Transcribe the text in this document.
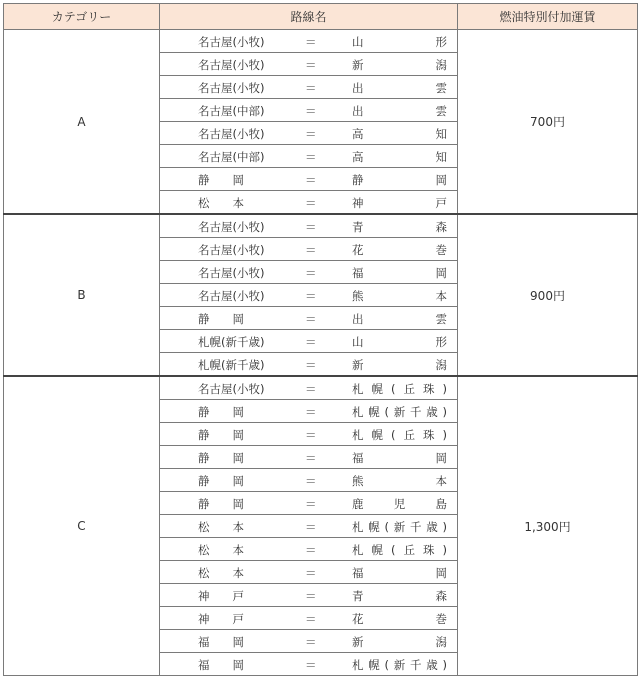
カテゴリー	路線名	燃油特別付加運賃
A	名古屋(小牧) ＝ 山形	700円

	名古屋(小牧) ＝ 新潟	

	名古屋(小牧) ＝ 出雲	

	名古屋(中部) ＝ 出雲	

	名古屋(小牧) ＝ 高知	

	名古屋(中部) ＝ 高知	

	静　　岡 ＝ 静岡	

	松　　本 ＝ 神戸	

B	名古屋(小牧) ＝ 青森	900円

	名古屋(小牧) ＝ 花巻	

	名古屋(小牧) ＝ 福岡	

	名古屋(小牧) ＝ 熊本	

	静　　岡 ＝ 出雲	

	札幌(新千歳) ＝ 山形	

	札幌(新千歳) ＝ 新潟	

C	名古屋(小牧) ＝ 札幌(丘珠)	1,300円

	静　　岡 ＝ 札幌(新千歳)	

	静　　岡 ＝ 札幌(丘珠)	

	静　　岡 ＝ 福岡	

	静　　岡 ＝ 熊本	

	静　　岡 ＝ 鹿児島	

	松　　本 ＝ 札幌(新千歳)	

	松　　本 ＝ 札幌(丘珠)	

	松　　本 ＝ 福岡	

	神　　戸 ＝ 青森	

	神　　戸 ＝ 花巻	

	福　　岡 ＝ 新潟	

	福　　岡 ＝ 札幌(新千歳)	
